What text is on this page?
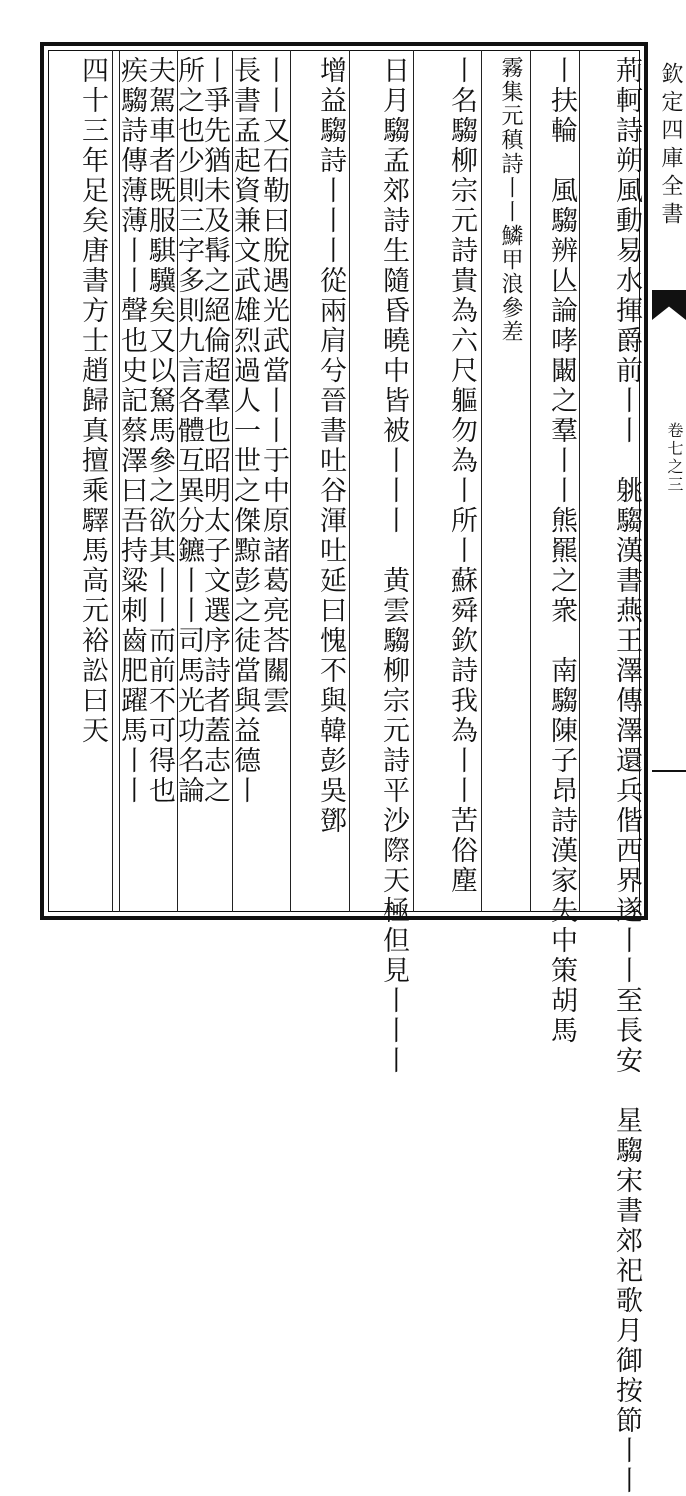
荊軻詩朔風動易水揮爵前丨丨　䠷騶漢書燕王澤傳澤還兵偕西界遂丨丨至長安　星騶宋書郊祀歌月御按節丨丨
丨扶輪　風騶辨亾論哮闞之羣丨丨熊羆之衆　南騶陳子昂詩漢家失中策胡馬
霧集元稹詩丨丨鱗甲浪參差
丨名騶柳宗元詩貴為六尺軀勿為丨所丨蘇舜欽詩我為丨丨苦俗塵
日月騶孟郊詩生隨昏曉中皆被丨丨丨　黄雲騶柳宗元詩平沙際天極但見丨丨丨
增益騶詩丨丨丨從兩肩兮晉書吐谷渾吐延曰愧不與韓彭吳鄧
丨丨又石勒曰脫遇光武當丨丨于中原諸葛亮荅關雲
長書孟起資兼文武雄烈過人一世之傑黥彭之徒當與益德丨
丨爭先猶未及髯之絕倫超羣也昭明太子文選序詩者蓋志之
所之也少則三字多則九言各體互異分鑣丨丨司馬光功名論
夫駕車者既服騏驥矣又以駑馬參之欲其丨丨而前不可得也
疾騶詩傳薄薄丨丨聲也史記蔡澤曰吾持粱刺齒肥躍馬丨丨
四十三年足矣唐書方士趙歸真擅乘驛馬高元裕訟曰天	欽定四庫全書
卷七之三
